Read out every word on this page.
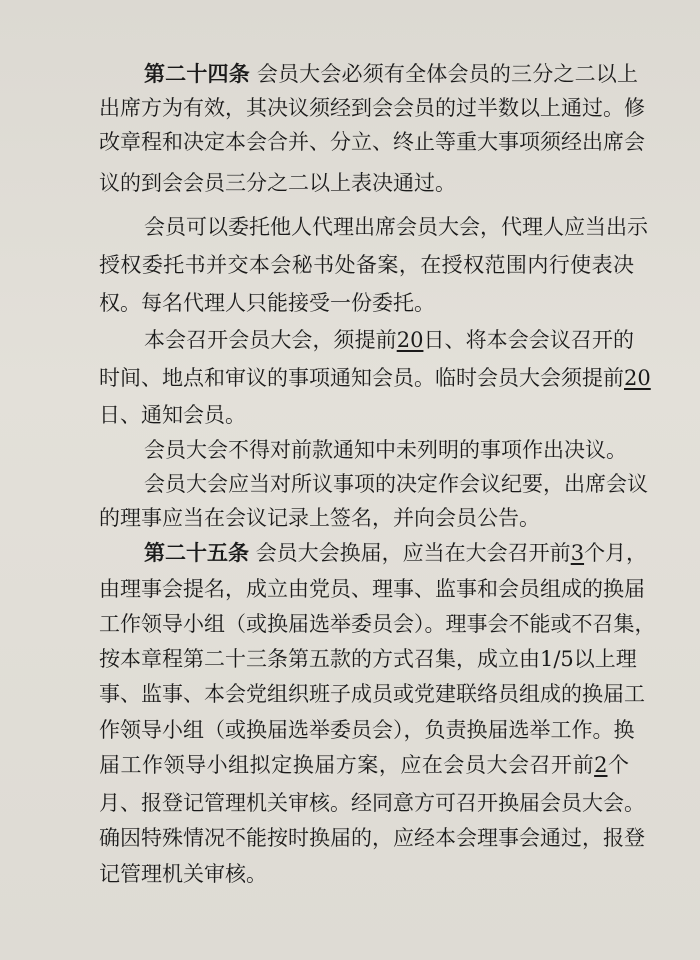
第二十四条 会员大会必须有全体会员的三分之二以上
出席方为有效，其决议须经到会会员的过半数以上通过。修
改章程和决定本会合并、分立、终止等重大事项须经出席会
议的到会会员三分之二以上表决通过。
会员可以委托他人代理出席会员大会，代理人应当出示
授权委托书并交本会秘书处备案，在授权范围内行使表决
权。每名代理人只能接受一份委托。
本会召开会员大会，须提前20日、将本会会议召开的
时间、地点和审议的事项通知会员。临时会员大会须提前20
日、通知会员。
会员大会不得对前款通知中未列明的事项作出决议。
会员大会应当对所议事项的决定作会议纪要，出席会议
的理事应当在会议记录上签名，并向会员公告。
第二十五条 会员大会换届，应当在大会召开前3个月，
由理事会提名，成立由党员、理事、监事和会员组成的换届
工作领导小组（或换届选举委员会）。理事会不能或不召集，
按本章程第二十三条第五款的方式召集，成立由1/5以上理
事、监事、本会党组织班子成员或党建联络员组成的换届工
作领导小组（或换届选举委员会），负责换届选举工作。换
届工作领导小组拟定换届方案，应在会员大会召开前2个
月、报登记管理机关审核。经同意方可召开换届会员大会。
确因特殊情况不能按时换届的，应经本会理事会通过，报登
记管理机关审核。
